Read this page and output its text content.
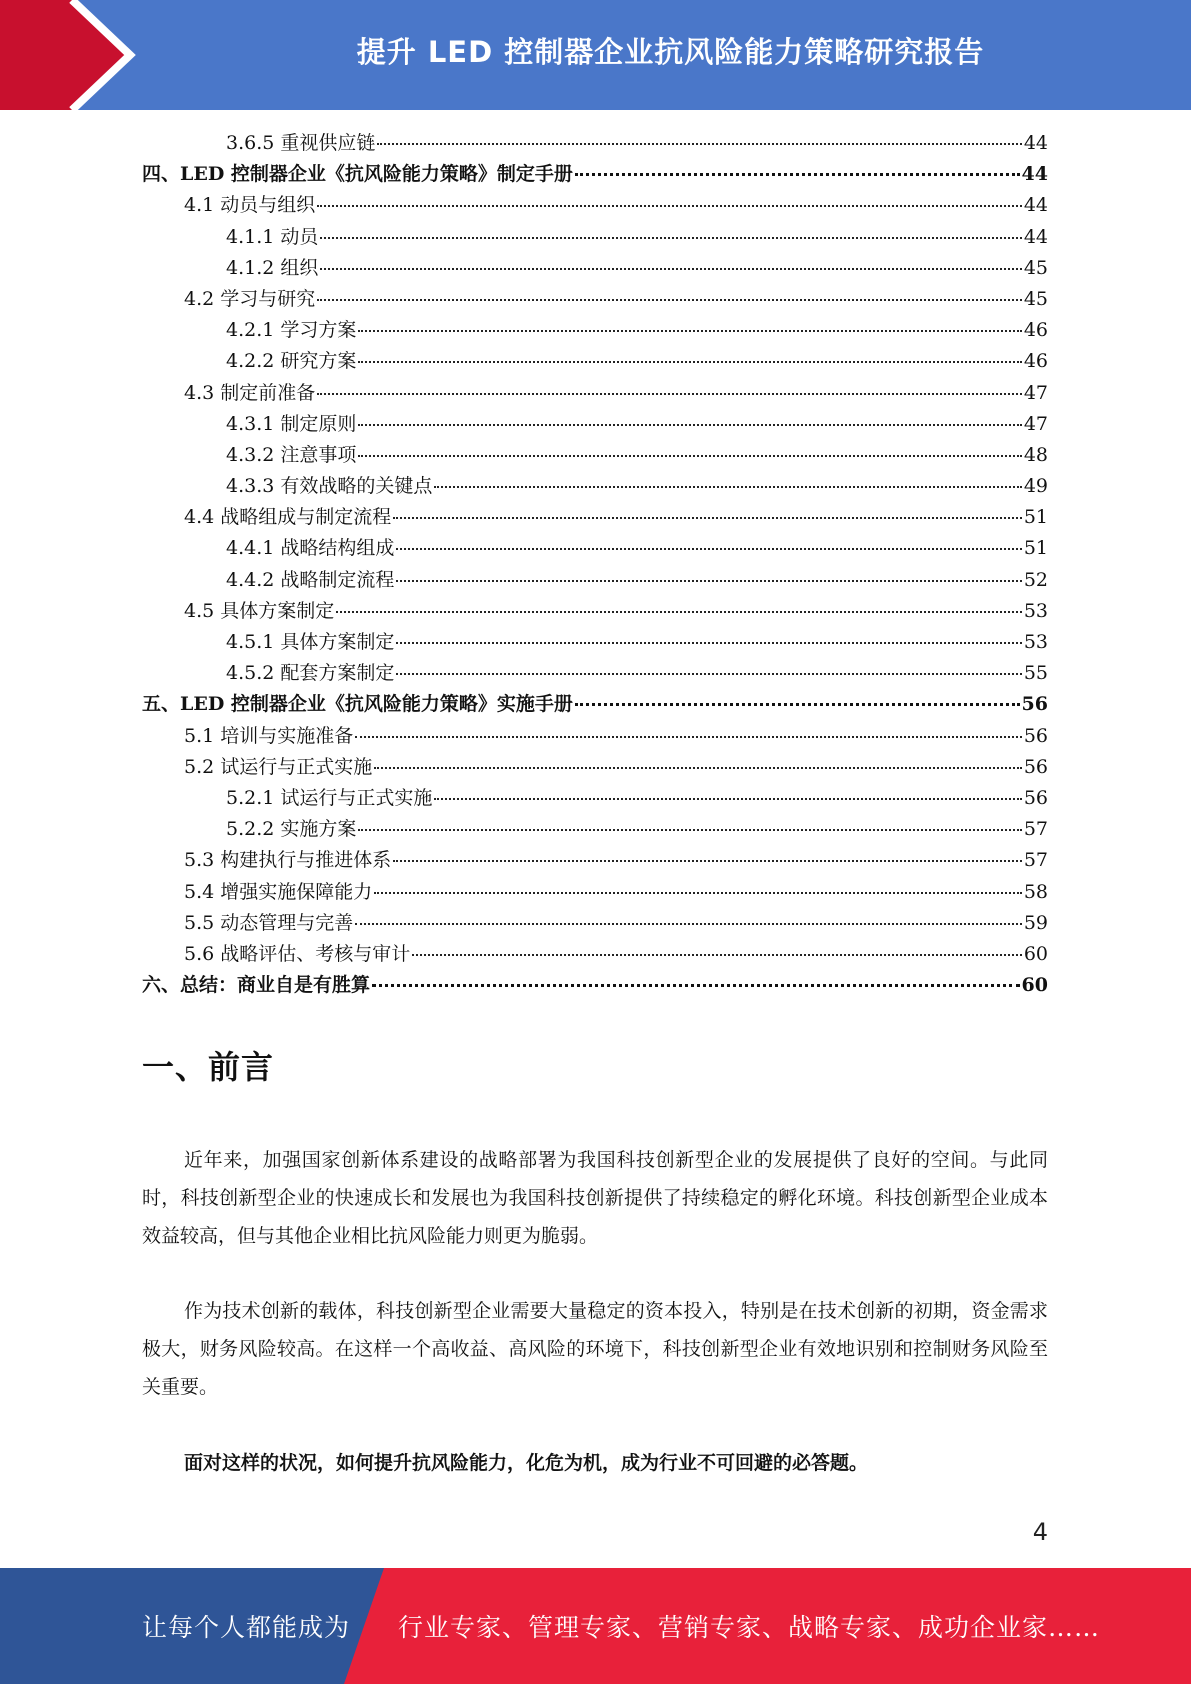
提升 LED 控制器企业抗风险能力策略研究报告
3.6.5 重视供应链	44
四、LED 控制器企业《抗风险能力策略》制定手册	44
4.1 动员与组织	44
4.1.1 动员	44
4.1.2 组织	45
4.2 学习与研究	45
4.2.1 学习方案	46
4.2.2 研究方案	46
4.3 制定前准备	47
4.3.1 制定原则	47
4.3.2 注意事项	48
4.3.3 有效战略的关键点	49
4.4 战略组成与制定流程	51
4.4.1 战略结构组成	51
4.4.2 战略制定流程	52
4.5 具体方案制定	53
4.5.1 具体方案制定	53
4.5.2 配套方案制定	55
五、LED 控制器企业《抗风险能力策略》实施手册	56
5.1 培训与实施准备	56
5.2 试运行与正式实施	56
5.2.1 试运行与正式实施	56
5.2.2 实施方案	57
5.3 构建执行与推进体系	57
5.4 增强实施保障能力	58
5.5 动态管理与完善	59
5.6 战略评估、考核与审计	60
六、总结：商业自是有胜算	60
一、前言
近年来，加强国家创新体系建设的战略部署为我国科技创新型企业的发展提供了良好的空间。与此同时，科技创新型企业的快速成长和发展也为我国科技创新提供了持续稳定的孵化环境。科技创新型企业成本效益较高，但与其他企业相比抗风险能力则更为脆弱。
作为技术创新的载体，科技创新型企业需要大量稳定的资本投入，特别是在技术创新的初期，资金需求极大，财务风险较高。在这样一个高收益、高风险的环境下，科技创新型企业有效地识别和控制财务风险至关重要。
面对这样的状况，如何提升抗风险能力，化危为机，成为行业不可回避的必答题。
4
让每个人都能成为 行业专家、管理专家、营销专家、战略专家、成功企业家……
